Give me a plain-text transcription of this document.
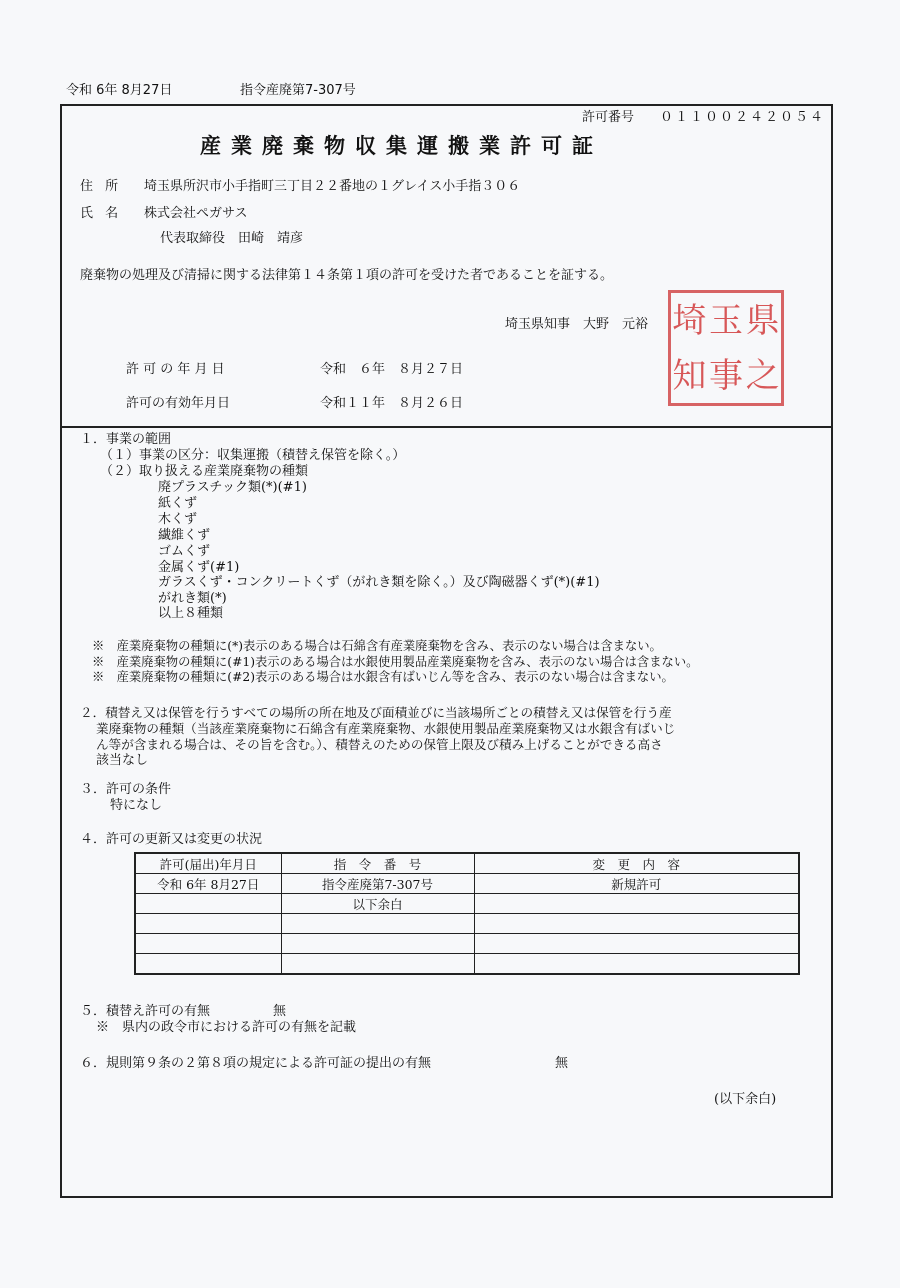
令和 6年 8月27日	指令産廃第7-307号
許可番号 ０１１００２４２０５４
産業廃棄物収集運搬業許可証
住 所 埼玉県所沢市小手指町三丁目２２番地の１グレイス小手指３０６
氏 名 株式会社ペガサス
代表取締役　田崎　靖彦
廃棄物の処理及び清掃に関する法律第１４条第１項の許可を受けた者であることを証する。
埼玉県知事　大野　元裕 埼 玉 県
知 事 之
許 可 の 年 月 日	令和　６年　８月２７日
許可の有効年月日	令和１１年　８月２６日
１．事業の範囲
（１）事業の区分：収集運搬（積替え保管を除く。）
（２）取り扱える産業廃棄物の種類
廃プラスチック類(*)(#1)
紙くず
木くず
繊維くず
ゴムくず
金属くず(#1)
ガラスくず・コンクリートくず（がれき類を除く。）及び陶磁器くず(*)(#1)
がれき類(*)
以上８種類
※　産業廃棄物の種類に(*)表示のある場合は石綿含有産業廃棄物を含み、表示のない場合は含まない。
※　産業廃棄物の種類に(#1)表示のある場合は水銀使用製品産業廃棄物を含み、表示のない場合は含まない。
※　産業廃棄物の種類に(#2)表示のある場合は水銀含有ばいじん等を含み、表示のない場合は含まない。
２．積替え又は保管を行うすべての場所の所在地及び面積並びに当該場所ごとの積替え又は保管を行う産
業廃棄物の種類（当該産業廃棄物に石綿含有産業廃棄物、水銀使用製品産業廃棄物又は水銀含有ばいじ
ん等が含まれる場合は、その旨を含む。）、積替えのための保管上限及び積み上げることができる高さ
該当なし
３．許可の条件
特になし
４．許可の更新又は変更の状況
許可(届出)年月日	指　令　番　号	変　更　内　容
令和 6年 8月27日	指令産廃第7-307号	新規許可
	以下余白	

５．積替え許可の有無	無
※　県内の政令市における許可の有無を記載
６．規則第９条の２第８項の規定による許可証の提出の有無	無
(以下余白)
